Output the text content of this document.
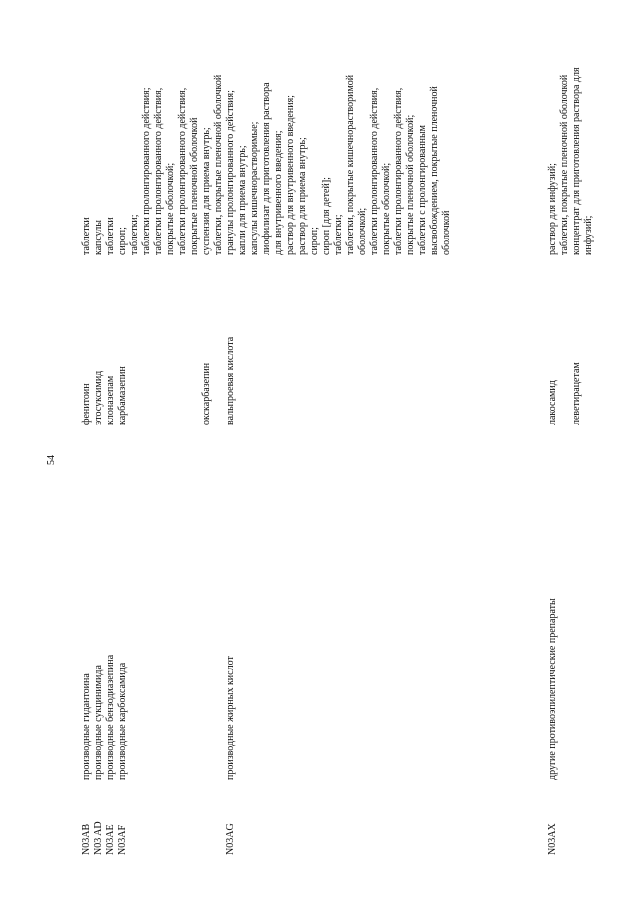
54
N03AB
производные гидантоина
фенитоин
таблетки
N03 AD
производные сукцинимида
этосуксимид
капсулы
N03AE
производные бензодиазепина
клоназепам
таблетки
N03AF
производные карбоксамида
карбамазепин
сироп; таблетки; таблетки пролонгированного действия; таблетки пролонгированного действия, покрытые оболочкой; таблетки пролонгированного действия, покрытые пленочной оболочкой
окскарбазепин
суспензия для приема внутрь; таблетки, покрытые пленочной оболочкой
N03AG
производные жирных кислот
вальпроевая кислота
гранулы пролонгированного действия; капли для приема внутрь; капсулы кишечнорастворимые; лиофилизат для приготовления раствора для внутривенного введения; раствор для внутривенного введения; раствор для приема внутрь; сироп; сироп [для детей]; таблетки; таблетки, покрытые кишечнорастворимой оболочкой; таблетки пролонгированного действия, покрытые оболочкой; таблетки пролонгированного действия, покрытые пленочной оболочкой; таблетки с пролонгированным высвобождением, покрытые пленочной оболочкой
N03AX
другие противоэпилептические препараты
лакосамид
раствор для инфузий; таблетки, покрытые пленочной оболочкой
леветирацетам
концентрат для приготовления раствора для инфузий;
